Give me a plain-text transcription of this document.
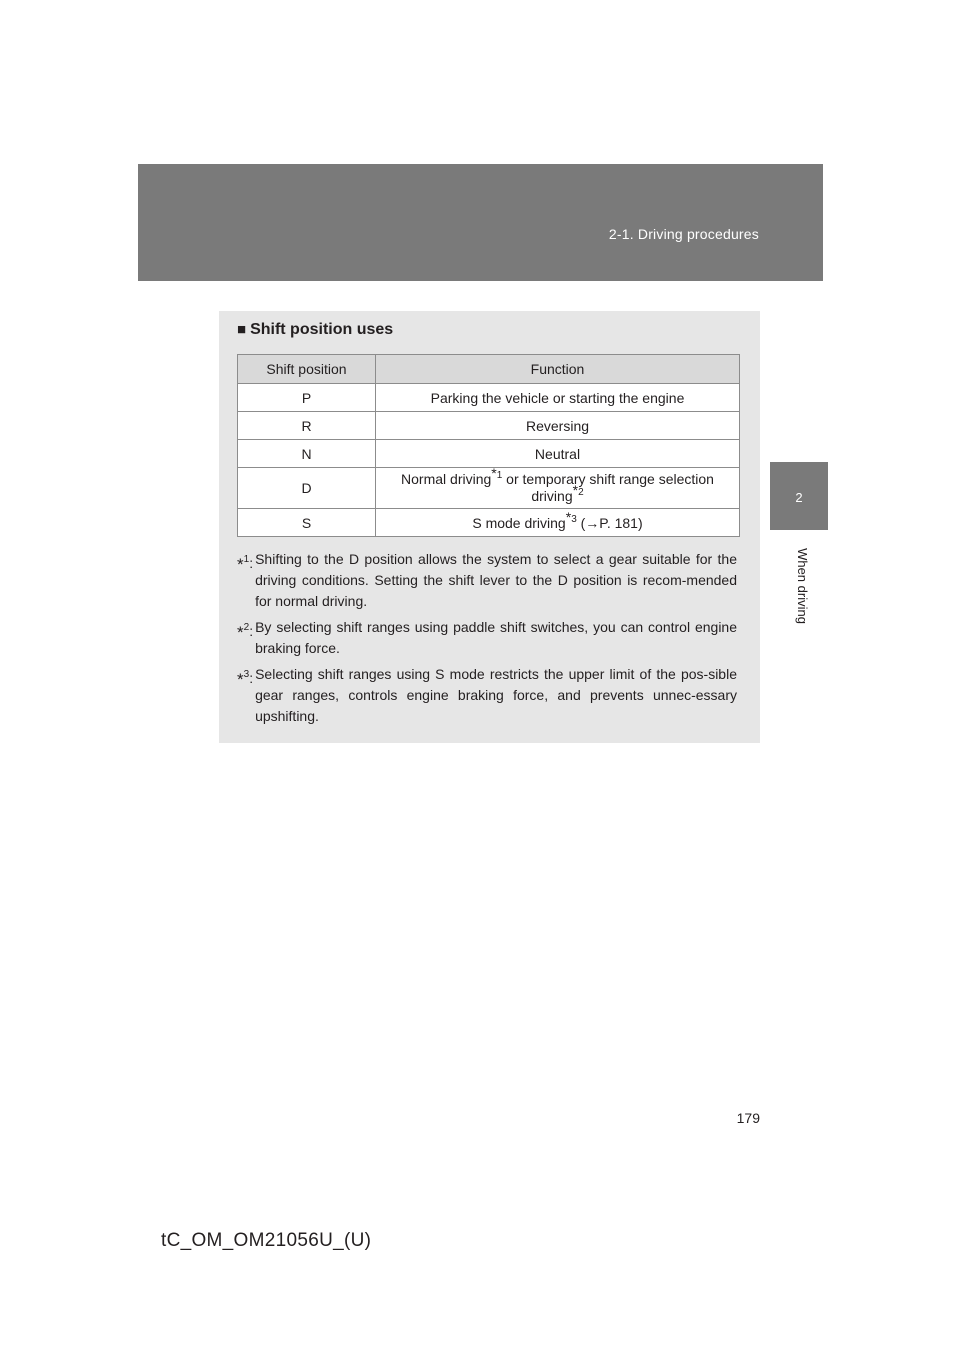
2-1. Driving procedures
2
When driving
■ Shift position uses
Shift position	Function
P	Parking the vehicle or starting the engine
R	Reversing
N	Neutral
D	Normal driving$^{*1}$ or temporary shift range selection driving$^{*2}$
S	S mode driving$^{*3}$ (→P. 181)
*$^1$: Shifting to the D position allows the system to select a gear suitable for the driving conditions. Setting the shift lever to the D position is recom-mended for normal driving.
*$^2$: By selecting shift ranges using paddle shift switches, you can control engine braking force.
*$^3$: Selecting shift ranges using S mode restricts the upper limit of the pos-sible gear ranges, controls engine braking force, and prevents unnec-essary upshifting.
179
tC_OM_OM21056U_(U)
